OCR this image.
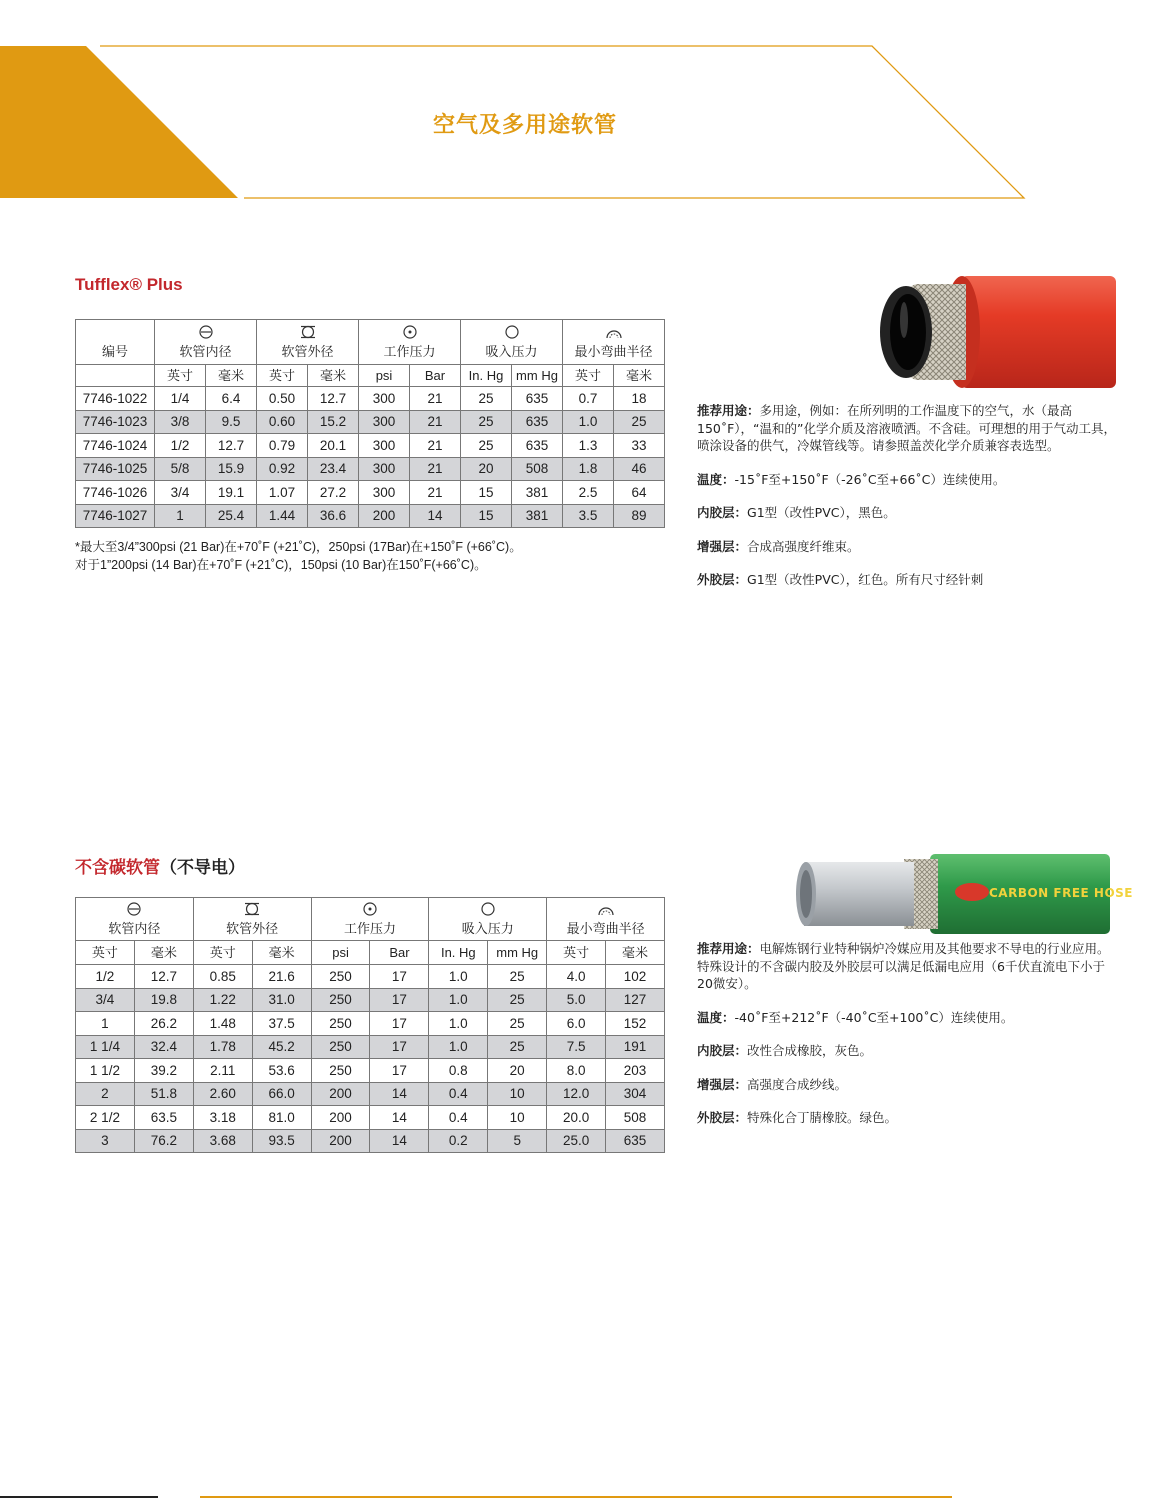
空气及多用途软管
Tufflex® Plus
编号	软管内径		软管外径		工作压力		吸入压力		最小弯曲半径	
	英寸	毫米	英寸	毫米	psi	Bar	In. Hg	mm Hg	英寸	毫米
7746-1022	1/4	6.4	0.50	12.7	300	21	25	635	0.7	18
7746-1023	3/8	9.5	0.60	15.2	300	21	25	635	1.0	25
7746-1024	1/2	12.7	0.79	20.1	300	21	25	635	1.3	33
7746-1025	5/8	15.9	0.92	23.4	300	21	20	508	1.8	46
7746-1026	3/4	19.1	1.07	27.2	300	21	15	381	2.5	64
7746-1027	1	25.4	1.44	36.6	200	14	15	381	3.5	89
*最大至3/4”300psi (21 Bar)在+70˚F (+21˚C)，250psi (17Bar)在+150˚F (+66˚C)。
对于1”200psi (14 Bar)在+70˚F (+21˚C)，150psi (10 Bar)在150˚F(+66˚C)。

推荐用途：多用途，例如：在所列明的工作温度下的空气，水（最高150˚F），“温和的”化学介质及溶液喷洒。不含硅。可理想的用于气动工具，喷涂设备的供气，冷媒管线等。请参照盖茨化学介质兼容表选型。

温度：-15˚F至+150˚F（-26˚C至+66˚C）连续使用。

内胶层：G1型（改性PVC），黑色。

增强层：合成高强度纤维束。

外胶层：G1型（改性PVC），红色。所有尺寸经针刺

不含碳软管（不导电）
软管内径		软管外径		工作压力		吸入压力		最小弯曲半径	
英寸	毫米	英寸	毫米	psi	Bar	In. Hg	mm Hg	英寸	毫米
1/2	12.7	0.85	21.6	250	17	1.0	25	4.0	102
3/4	19.8	1.22	31.0	250	17	1.0	25	5.0	127
1	26.2	1.48	37.5	250	17	1.0	25	6.0	152
1 1/4	32.4	1.78	45.2	250	17	1.0	25	7.5	191
1 1/2	39.2	2.11	53.6	250	17	0.8	20	8.0	203
2	51.8	2.60	66.0	200	14	0.4	10	12.0	304
2 1/2	63.5	3.18	81.0	200	14	0.4	10	20.0	508
3	76.2	3.68	93.5	200	14	0.2	5	25.0	635
CARBON FREE HOSE

推荐用途：电解炼钢行业特种锅炉冷媒应用及其他要求不导电的行业应用。特殊设计的不含碳内胶及外胶层可以满足低漏电应用（6千伏直流电下小于20微安）。

温度：-40˚F至+212˚F（-40˚C至+100˚C）连续使用。

内胶层：改性合成橡胶，灰色。

增强层：高强度合成纱线。

外胶层：特殊化合丁腈橡胶。绿色。
